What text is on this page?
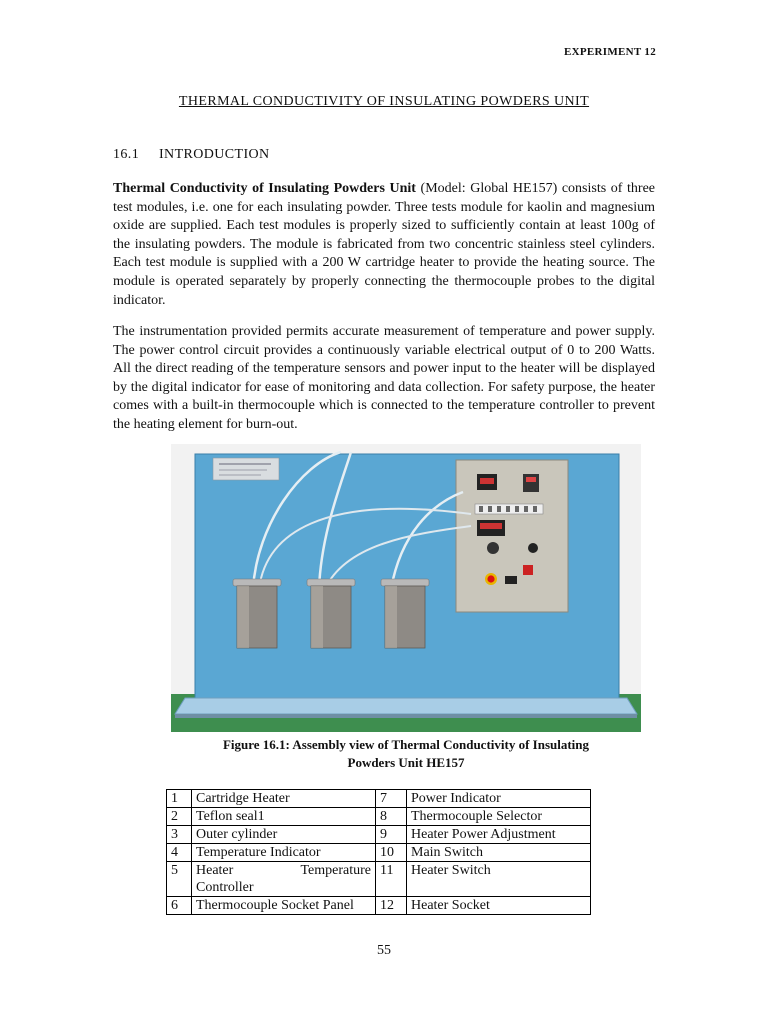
EXPERIMENT 12
THERMAL CONDUCTIVITY OF INSULATING POWDERS UNIT
16.1 INTRODUCTION

Thermal Conductivity of Insulating Powders Unit (Model: Global HE157) consists of three test modules, i.e. one for each insulating powder. Three tests module for kaolin and magnesium oxide are supplied. Each test modules is properly sized to sufficiently contain at least 100g of the insulating powders. The module is fabricated from two concentric stainless steel cylinders. Each test module is supplied with a 200 W cartridge heater to provide the heating source. The module is operated separately by properly connecting the thermocouple probes to the digital indicator.

The instrumentation provided permits accurate measurement of temperature and power supply. The power control circuit provides a continuously variable electrical output of 0 to 200 Watts. All the direct reading of the temperature sensors and power input to the heater will be displayed by the digital indicator for ease of monitoring and data collection. For safety purpose, the heater comes with a built-in thermocouple which is connected to the temperature controller to prevent the heating element for burn-out.

Figure 16.1: Assembly view of Thermal Conductivity of Insulating
Powders Unit HE157
1	Cartridge Heater	7	Power Indicator
2	Teflon seal1	8	Thermocouple Selector
3	Outer cylinder	9	Heater Power Adjustment
4	Temperature Indicator	10	Main Switch
5	Heater Temperature
Controller	11	Heater Switch
6	Thermocouple Socket Panel	12	Heater Socket
55
